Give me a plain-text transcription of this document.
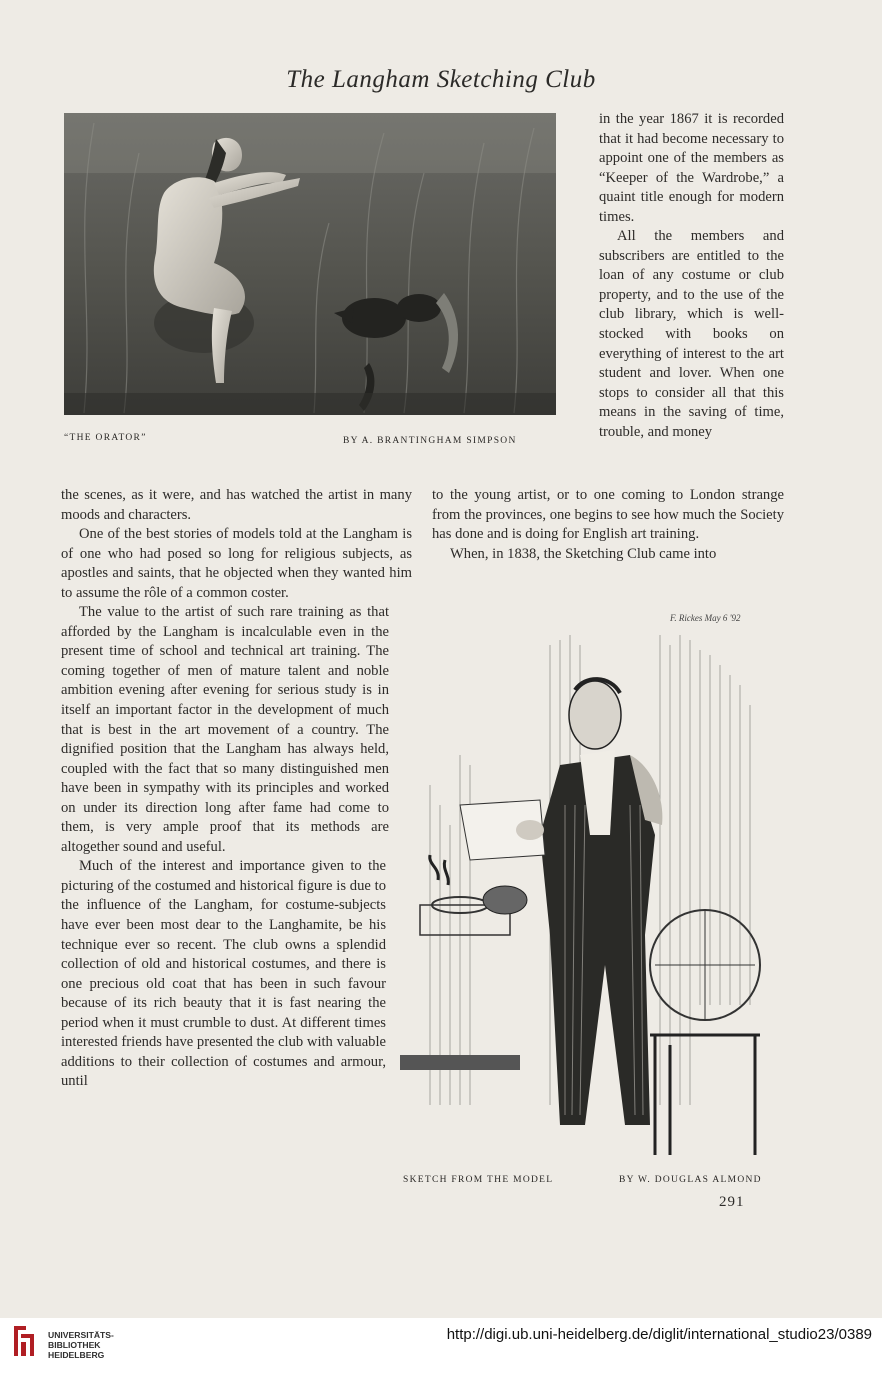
The Langham Sketching Club
“THE ORATOR”	BY A. BRANTINGHAM SIMPSON

in the year 1867 it is recorded that it had become necessary to appoint one of the members as “Keeper of the Wardrobe,” a quaint title enough for modern times.

All the members and subscribers are entitled to the loan of any costume or club property, and to the use of the club library, which is well-stocked with books on everything of interest to the art student and lover. When one stops to consider all that this means in the saving of time, trouble, and money

the scenes, as it were, and has watched the artist in many moods and characters.

One of the best stories of models told at the Langham is of one who had posed so long for religious subjects, as apostles and saints, that he objected when they wanted him to assume the rôle of a common coster.

The value to the artist of such rare training as that afforded by the Langham is incalculable even in the present time of school and technical art training. The coming together of men of mature talent and noble ambition evening after evening for serious study is in itself an important factor in the development of much that is best in the art movement of a country. The dignified position that the Langham has always held, coupled with the fact that so many distinguished men have been in sympathy with its principles and worked on under its direction long after fame had come to them, is very ample proof that its methods are altogether sound and useful.

Much of the interest and importance given to the picturing of the costumed and historical figure is due to the influence of the Langham, for costume-subjects have ever been most dear to the Langhamite, be his technique ever so recent. The club owns a splendid collection of old and historical costumes, and there is one precious old coat that has been in such favour because of its rich beauty that it is fast nearing the period when it must crumble to dust. At different times interested friends have presented the club with valuable additions to their collection of costumes and armour, until

to the young artist, or to one coming to London strange from the provinces, one begins to see how much the Society has done and is doing for English art training.

When, in 1838, the Sketching Club came into

F. Rickes May 6 '92
SKETCH FROM THE MODEL	BY W. DOUGLAS ALMOND
291
UNIVERSITÄTS-
BIBLIOTHEK
HEIDELBERG
http://digi.ub.uni-heidelberg.de/diglit/international_studio23/0389
